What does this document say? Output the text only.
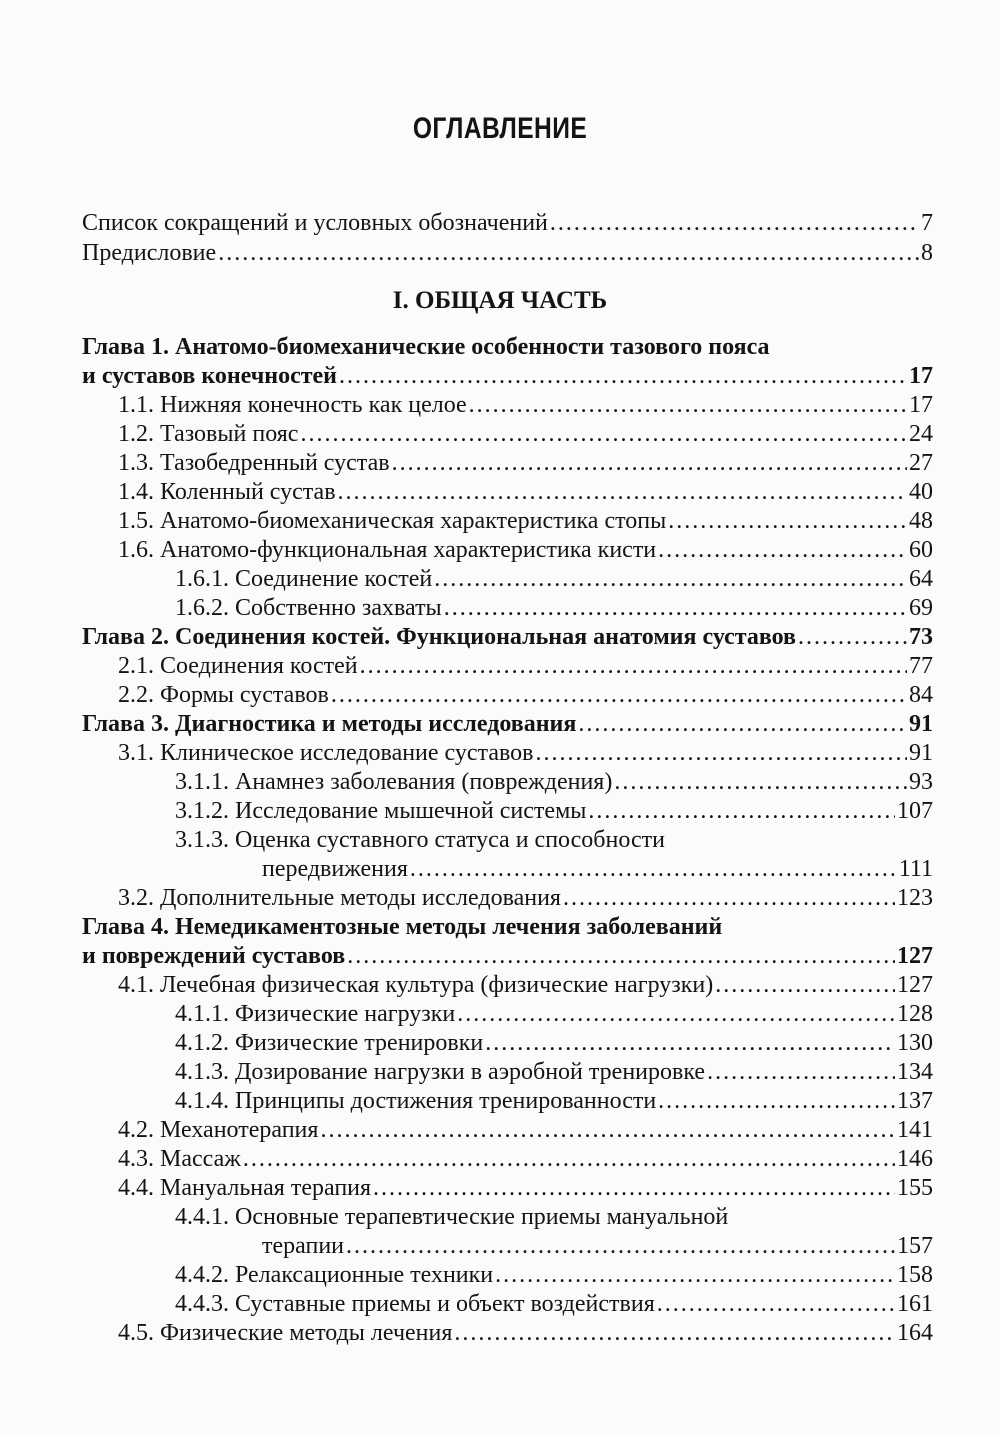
ОГЛАВЛЕНИЕ
Список сокращений и условных обозначений . . .	7
Предисловие . . .	8
I. ОБЩАЯ ЧАСТЬ
Глава 1. Анатомо-биомеханические особенности тазового пояса
и суставов конечностей . . .	17
1.1. Нижняя конечность как целое . . .	17
1.2. Тазовый пояс . . .	24
1.3. Тазобедренный сустав . . .	27
1.4. Коленный сустав . . .	40
1.5. Анатомо-биомеханическая характеристика стопы . . .	48
1.6. Анатомо-функциональная характеристика кисти . . .	60
1.6.1. Соединение костей . . .	64
1.6.2. Собственно захваты . . .	69
Глава 2. Соединения костей. Функциональная анатомия суставов . . .	73
2.1. Соединения костей . . .	77
2.2. Формы суставов . . .	84
Глава 3. Диагностика и методы исследования . . .	91
3.1. Клиническое исследование суставов . . .	91
3.1.1. Анамнез заболевания (повреждения) . . .	93
3.1.2. Исследование мышечной системы . . .	107
3.1.3. Оценка суставного статуса и способности
передвижения . . .	111
3.2. Дополнительные методы исследования . . .	123
Глава 4. Немедикаментозные методы лечения заболеваний
и повреждений суставов . . .	127
4.1. Лечебная физическая культура (физические нагрузки) . . .	127
4.1.1. Физические нагрузки . . .	128
4.1.2. Физические тренировки . . .	130
4.1.3. Дозирование нагрузки в аэробной тренировке . . .	134
4.1.4. Принципы достижения тренированности . . .	137
4.2. Механотерапия . . .	141
4.3. Массаж . . .	146
4.4. Мануальная терапия . . .	155
4.4.1. Основные терапевтические приемы мануальной
терапии . . .	157
4.4.2. Релаксационные техники . . .	158
4.4.3. Суставные приемы и объект воздействия . . .	161
4.5. Физические методы лечения . . .	164
